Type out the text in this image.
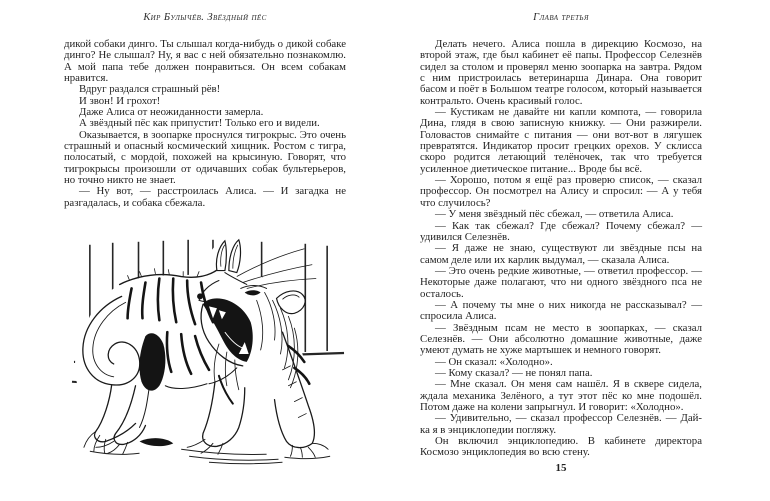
Кир Булычёв. Звёздный пёс

дикой собаки динго. Ты слышал когда-нибудь о дикой собаке динго? Не слышал? Ну, я вас с ней обязательно познакомлю. А мой папа тебе должен понравиться. Он всем собакам нравится.

Вдруг раздался страшный рёв!

И звон! И грохот!

Даже Алиса от неожиданности замерла.

А звёздный пёс как припустит! Только его и видели.

Оказывается, в зоопарке проснулся тигрокрыс. Это очень страшный и опасный космический хищник. Ростом с тигра, полосатый, с мордой, похожей на крысиную. Говорят, что тигрокрысы произошли от одичавших собак бультерьеров, но точно никто не знает.

— Ну вот, — расстроилась Алиса. — И загадка не разгадалась, и собака сбежала.

Глава третья

Делать нечего. Алиса пошла в дирекцию Космозо, на второй этаж, где был кабинет её папы. Профессор Селезнёв сидел за столом и проверял меню зоопарка на завтра. Рядом с ним пристроилась ветеринарша Динара. Она говорит басом и поёт в Большом театре голосом, который называется контральто. Очень красивый голос.

— Кустикам не давайте ни капли компота, — говорила Дина, глядя в свою записную книжку. — Они разжирели. Головастов снимайте с питания — они вот-вот в лягушек превратятся. Индикатор просит грецких орехов. У склисса скоро родится летающий телёночек, так что требуется усиленное диетическое питание... Вроде бы всё.

— Хорошо, потом я ещё раз проверю список, — сказал профессор. Он посмотрел на Алису и спросил: — А у тебя что случилось?

— У меня звёздный пёс сбежал, — ответила Алиса.

— Как так сбежал? Где сбежал? Почему сбежал? — удивился Селезнёв.

— Я даже не знаю, существуют ли звёздные псы на самом деле или их карлик выдумал, — сказала Алиса.

— Это очень редкие животные, — ответил профессор. — Некоторые даже полагают, что ни одного звёздного пса не осталось.

— А почему ты мне о них никогда не рассказывал? — спросила Алиса.

— Звёздным псам не место в зоопарках, — сказал Селезнёв. — Они абсолютно домашние животные, даже умеют думать не хуже мартышек и немного говорят.

— Он сказал: «Холодно».

— Кому сказал? — не понял папа.

— Мне сказал. Он меня сам нашёл. Я в сквере сидела, ждала механика Зелёного, а тут этот пёс ко мне подошёл. Потом даже на колени запрыгнул. И говорит: «Холодно».

— Удивительно, — сказал профессор Селезнёв. — Дай-ка я в энциклопедии погляжу.

Он включил энциклопедию. В кабинете директора Космозо энциклопедия во всю стену.

15
